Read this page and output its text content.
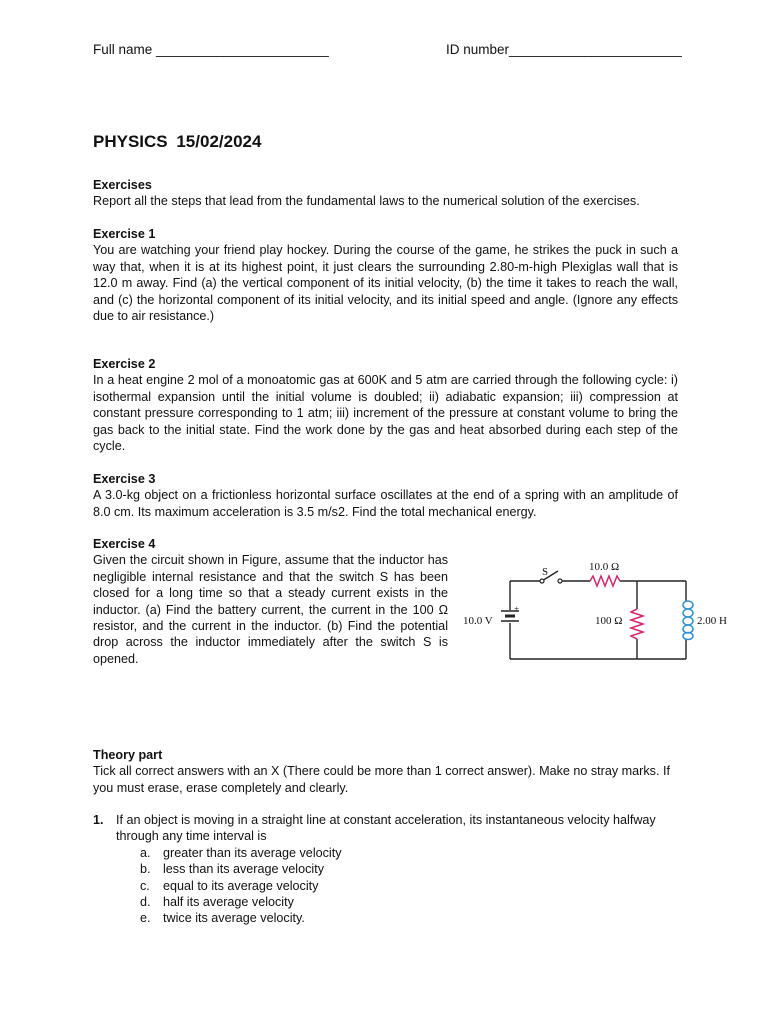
Full name _______________________	ID number_______________________
PHYSICS 15/02/2024
Exercises

Report all the steps that lead from the fundamental laws to the numerical solution of the exercises.

Exercise 1

You are watching your friend play hockey. During the course of the game, he strikes the puck in such a way that, when it is at its highest point, it just clears the surrounding 2.80-m-high Plexiglas wall that is 12.0 m away. Find (a) the vertical component of its initial velocity, (b) the time it takes to reach the wall, and (c) the horizontal component of its initial velocity, and its initial speed and angle. (Ignore any effects due to air resistance.)

Exercise 2

In a heat engine 2 mol of a monoatomic gas at 600K and 5 atm are carried through the following cycle: i) isothermal expansion until the initial volume is doubled; ii) adiabatic expansion; iii) compression at constant pressure corresponding to 1 atm; iii) increment of the pressure at constant volume to bring the gas back to the initial state. Find the work done by the gas and heat absorbed during each step of the cycle.

Exercise 3

A 3.0-kg object on a frictionless horizontal surface oscillates at the end of a spring with an amplitude of 8.0 cm. Its maximum acceleration is 3.5 m/s2. Find the total mechanical energy.

Exercise 4

Given the circuit shown in Figure, assume that the inductor has negligible internal resistance and that the switch S has been closed for a long time so that a steady current exists in the inductor. (a) Find the battery current, the current in the 100 Ω resistor, and the current in the inductor. (b) Find the potential drop across the inductor immediately after the switch S is opened.

S	10.0 Ω
10.0 V
+
100 Ω	2.00 H
Theory part

Tick all correct answers with an X (There could be more than 1 correct answer). Make no stray marks. If you must erase, erase completely and clearly.

1. If an object is moving in a straight line at constant acceleration, its instantaneous velocity halfway through any time interval is
a. greater than its average velocity
b. less than its average velocity
c.	equal to its average velocity
d. half its average velocity
e. twice its average velocity.
